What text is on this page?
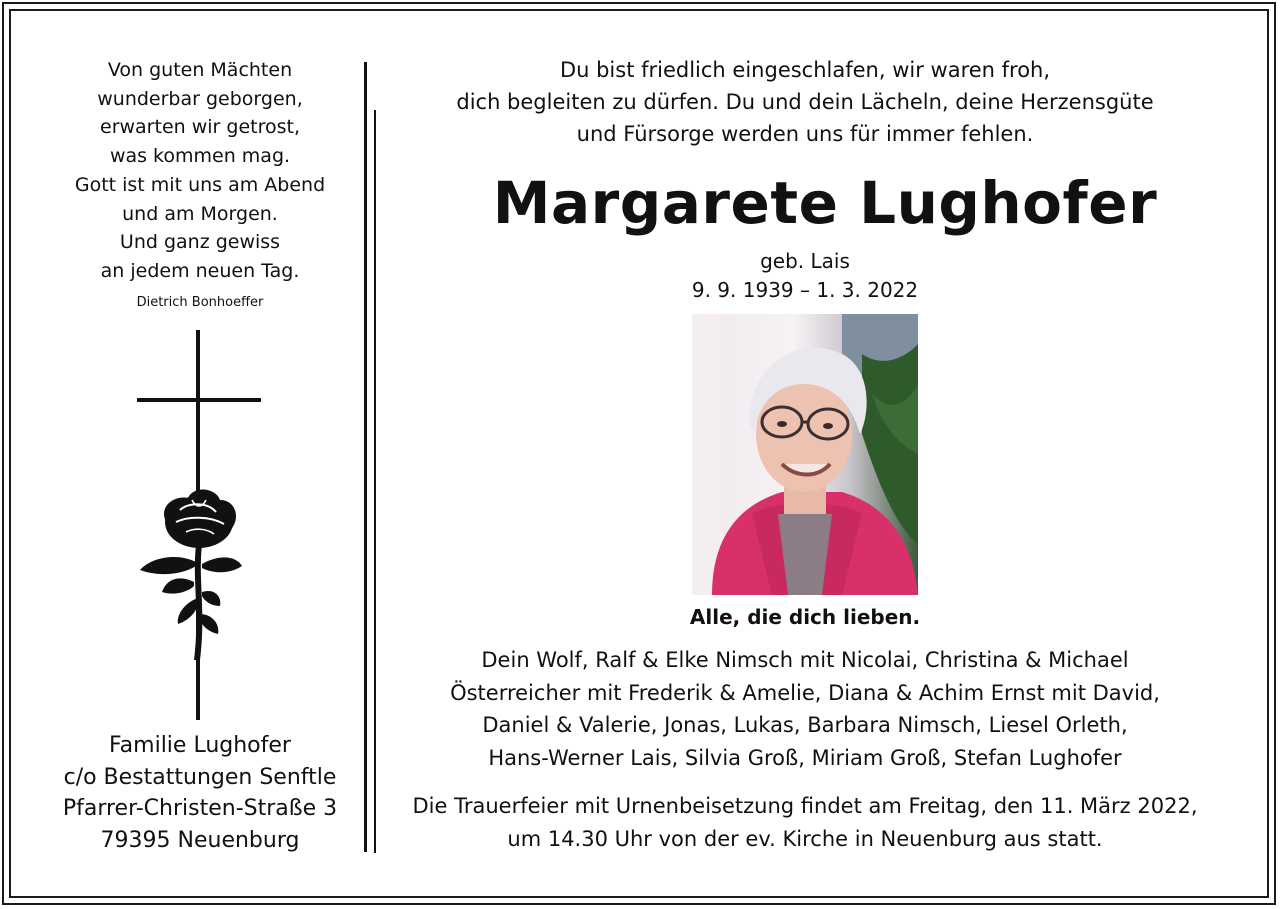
Von guten Mächten
wunderbar geborgen,
erwarten wir getrost,
was kommen mag.
Gott ist mit uns am Abend
und am Morgen.
Und ganz gewiss
an jedem neuen Tag.
Dietrich Bonhoeffer
Familie Lughofer
c/o Bestattungen Senftle
Pfarrer-Christen-Straße 3
79395 Neuenburg
Du bist friedlich eingeschlafen, wir waren froh,
dich begleiten zu dürfen. Du und dein Lächeln, deine Herzensgüte
und Fürsorge werden uns für immer fehlen.
Margarete Lughofer
geb. Lais
9. 9. 1939 – 1. 3. 2022
Alle, die dich lieben.
Dein Wolf, Ralf & Elke Nimsch mit Nicolai, Christina & Michael
Österreicher mit Frederik & Amelie, Diana & Achim Ernst mit David,
Daniel & Valerie, Jonas, Lukas, Barbara Nimsch, Liesel Orleth,
Hans-Werner Lais, Silvia Groß, Miriam Groß, Stefan Lughofer
Die Trauerfeier mit Urnenbeisetzung findet am Freitag, den 11. März 2022,
um 14.30 Uhr von der ev. Kirche in Neuenburg aus statt.
